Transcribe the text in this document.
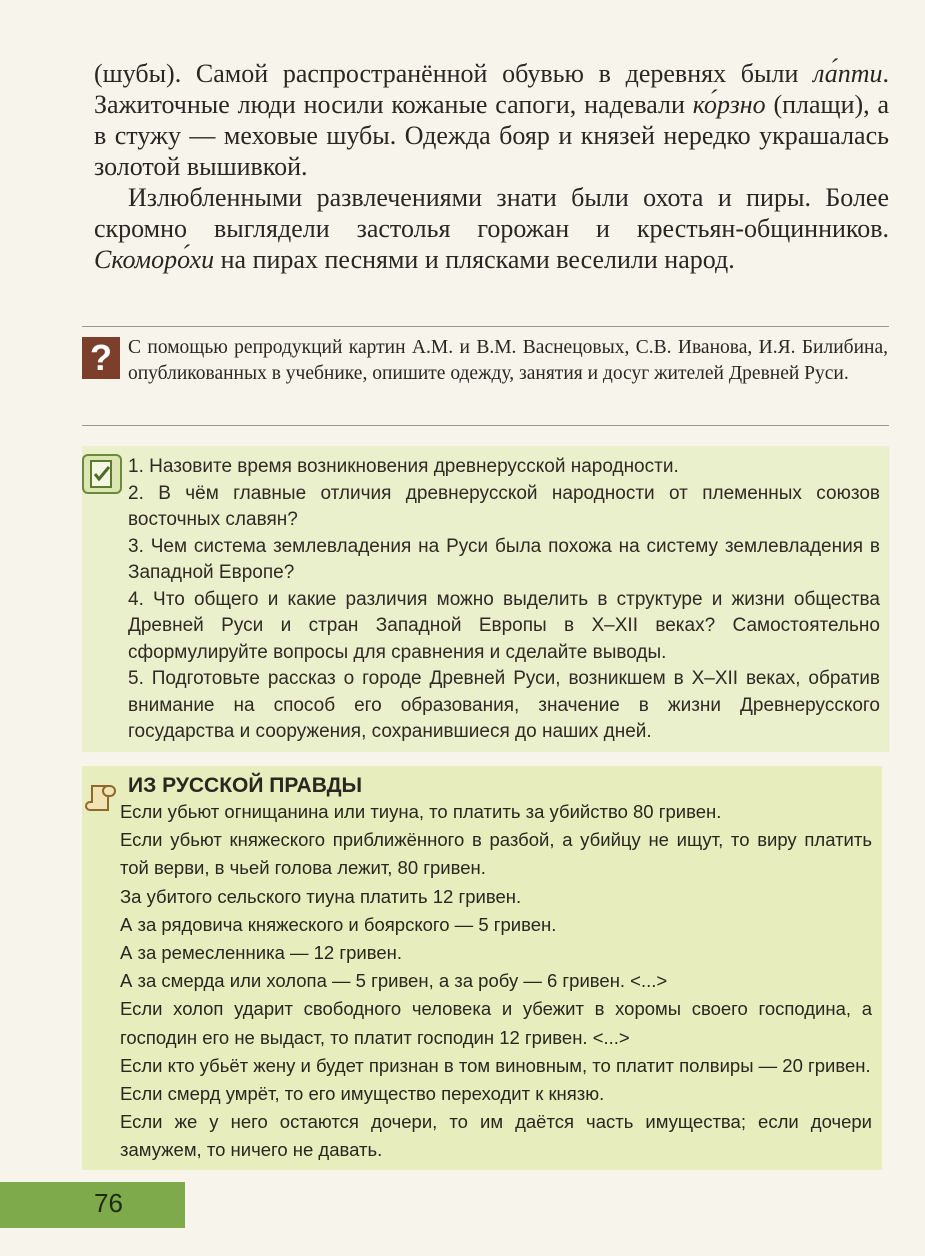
(шубы). Самой распространённой обувью в деревнях были ла́пти. Зажиточные люди носили кожаные сапоги, надевали ко́рзно (плащи), а в стужу — меховые шубы. Одежда бояр и князей нередко украшалась золотой вышивкой.

Излюбленными развлечениями знати были охота и пиры. Более скромно выглядели застолья горожан и крестьян-общинников. Скоморо́хи на пирах песнями и плясками веселили народ.

? С помощью репродукций картин А.М. и В.М. Васнецовых, С.В. Иванова, И.Я. Билибина, опубликованных в учебнике, опишите одежду, занятия и досуг жителей Древней Руси.
1. Назовите время возникновения древнерусской народности.
2. В чём главные отличия древнерусской народности от племенных союзов восточных славян?
3. Чем система землевладения на Руси была похожа на систему землевладения в Западной Европе?
4. Что общего и какие различия можно выделить в структуре и жизни общества Древней Руси и стран Западной Европы в X–XII веках? Самостоятельно сформулируйте вопросы для сравнения и сделайте выводы.
5. Подготовьте рассказ о городе Древней Руси, возникшем в X–XII веках, обратив внимание на способ его образования, значение в жизни Древнерусского государства и сооружения, сохранившиеся до наших дней.
ИЗ РУССКОЙ ПРАВДЫ
Если убьют огнищанина или тиуна, то платить за убийство 80 гривен.
Если убьют княжеского приближённого в разбой, а убийцу не ищут, то виру платить той верви, в чьей голова лежит, 80 гривен.
За убитого сельского тиуна платить 12 гривен.
А за рядовича княжеского и боярского — 5 гривен.
А за ремесленника — 12 гривен.
А за смерда или холопа — 5 гривен, а за робу — 6 гривен. <...>
Если холоп ударит свободного человека и убежит в хоромы своего господина, а господин его не выдаст, то платит господин 12 гривен. <...>
Если кто убьёт жену и будет признан в том виновным, то платит полвиры — 20 гривен.
Если смерд умрёт, то его имущество переходит к князю.
Если же у него остаются дочери, то им даётся часть имущества; если дочери замужем, то ничего не давать.
76
